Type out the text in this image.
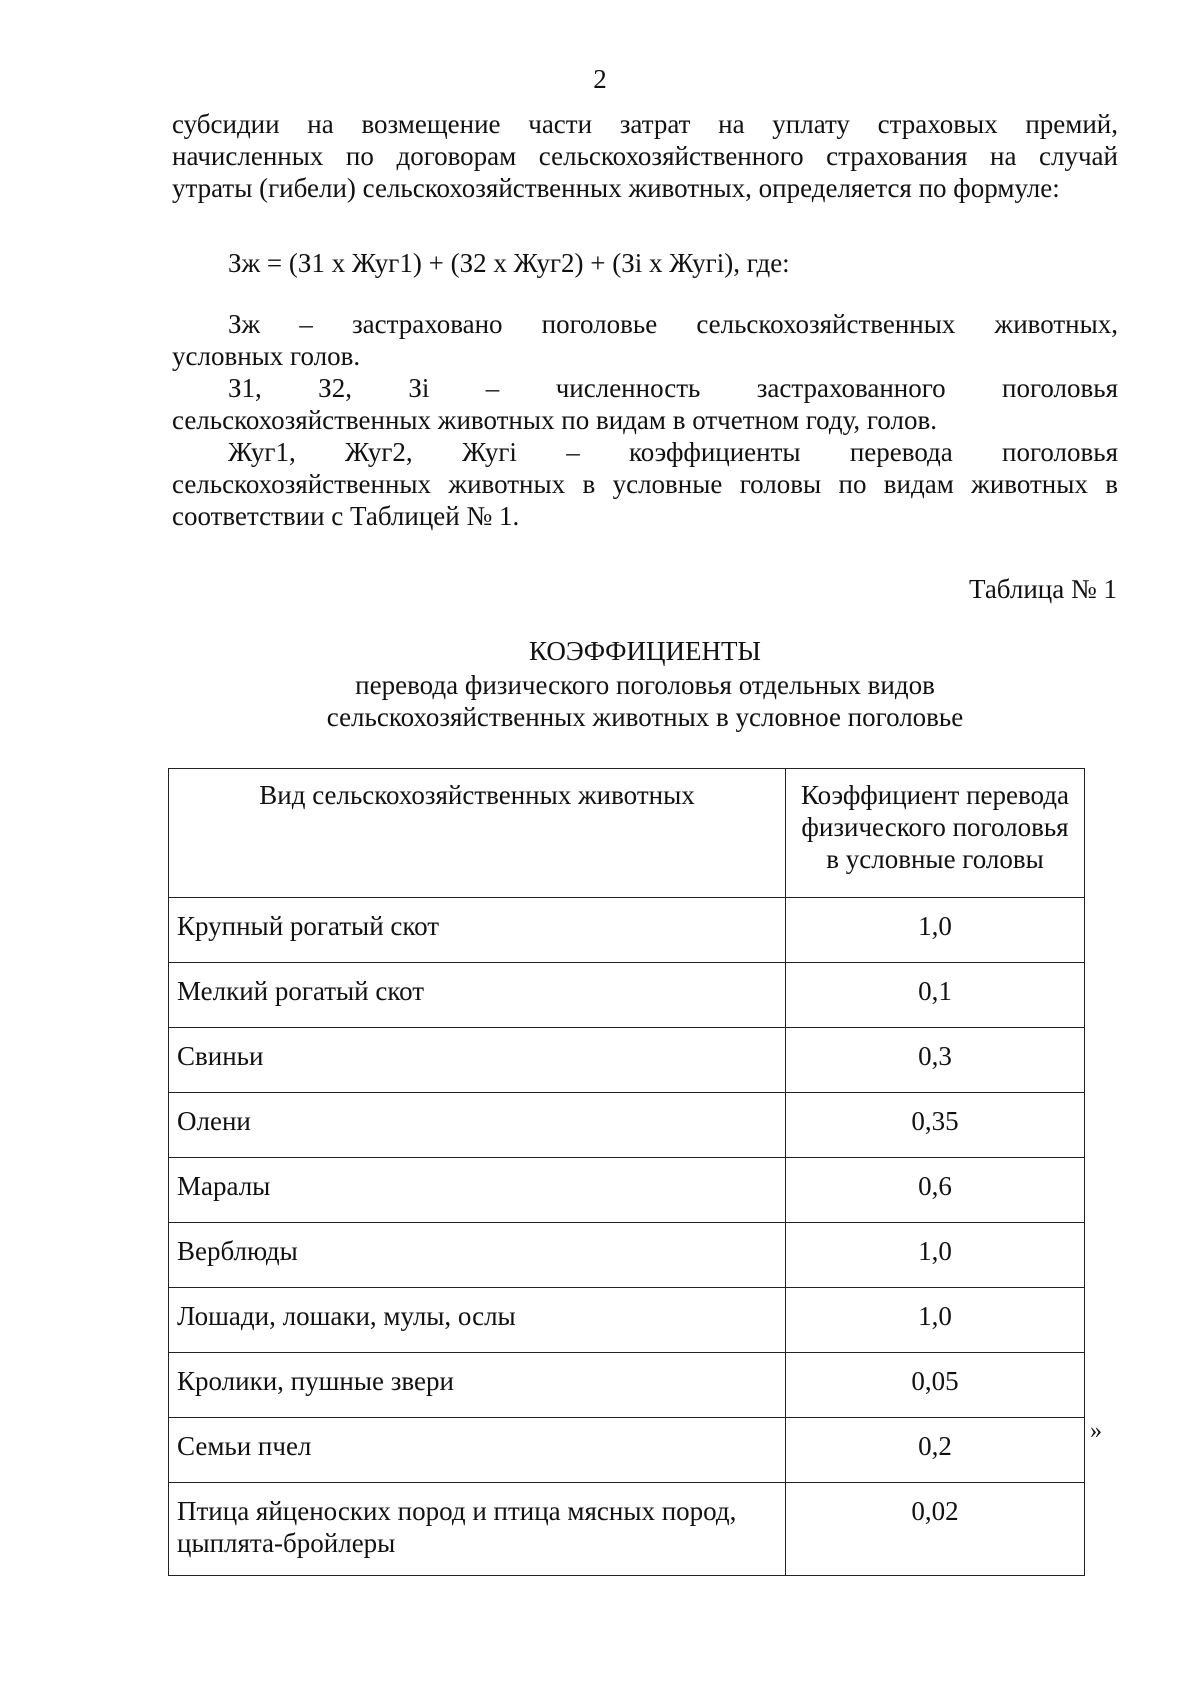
2
субсидии на возмещение части затрат на уплату страховых премий,
начисленных по договорам сельскохозяйственного страхования на случай
утраты (гибели) сельскохозяйственных животных, определяется по формуле:
Зж = (З1 х Жуг1) + (З2 х Жуг2) + (Зi х Жугi), где:
Зж – застраховано поголовье сельскохозяйственных животных,
условных голов.
З1, З2, Зi – численность застрахованного поголовья
сельскохозяйственных животных по видам в отчетном году, голов.
Жуг1, Жуг2, Жугi – коэффициенты перевода поголовья
сельскохозяйственных животных в условные головы по видам животных в
соответствии с Таблицей № 1.
Таблица № 1
КОЭФФИЦИЕНТЫ
перевода физического поголовья отдельных видов
сельскохозяйственных животных в условное поголовье
Вид сельскохозяйственных животных	Коэффициент перевода
физического поголовья
в условные головы

Крупный рогатый скот	1,0
Мелкий рогатый скот	0,1
Свиньи	0,3
Олени	0,35
Маралы	0,6
Верблюды	1,0
Лошади, лошаки, мулы, ослы	1,0
Кролики, пушные звери	0,05
Семьи пчел	0,2

Птица яйценоских пород и птица мясных пород,
цыплята-бройлеры	0,02
»
